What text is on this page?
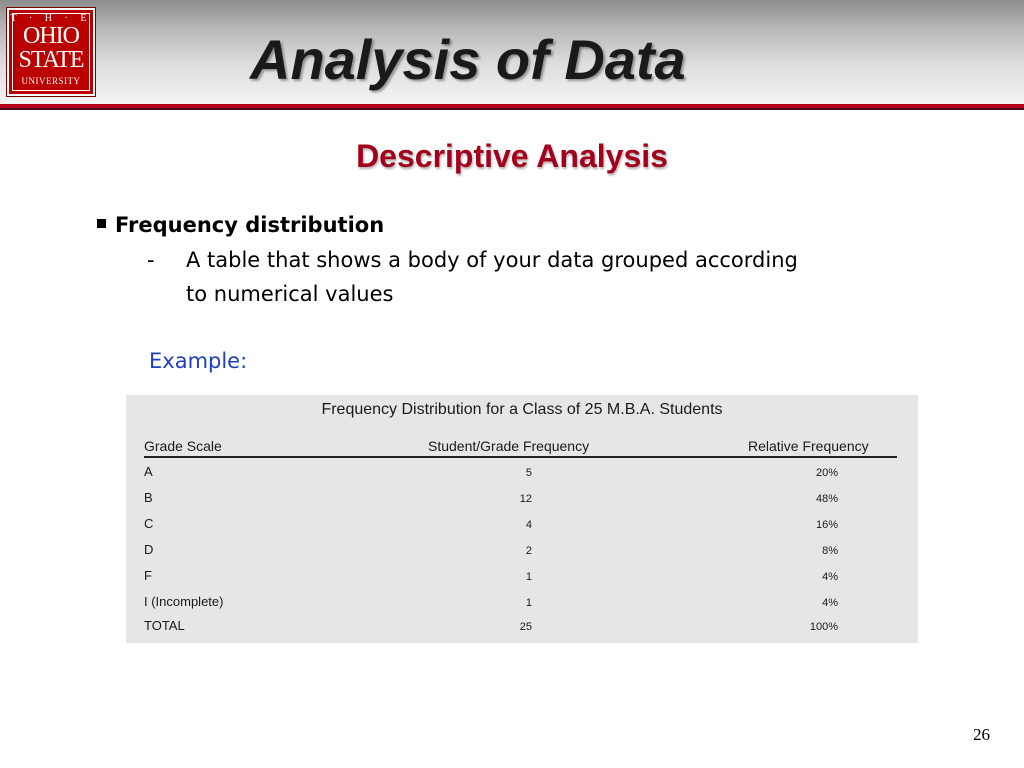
T · H · E
OHIO
STATE
UNIVERSITY	Analysis of Data
Descriptive Analysis
Frequency distribution
- A table that shows a body of your data grouped according
to numerical values
Example:
Frequency Distribution for a Class of 25 M.B.A. Students
Grade Scale	Student/Grade Frequency	Relative Frequency
A	5	20%
B	12	48%
C	4	16%
D	2	8%
F	1	4%
I (Incomplete)	1	4%
TOTAL	25	100%
26
